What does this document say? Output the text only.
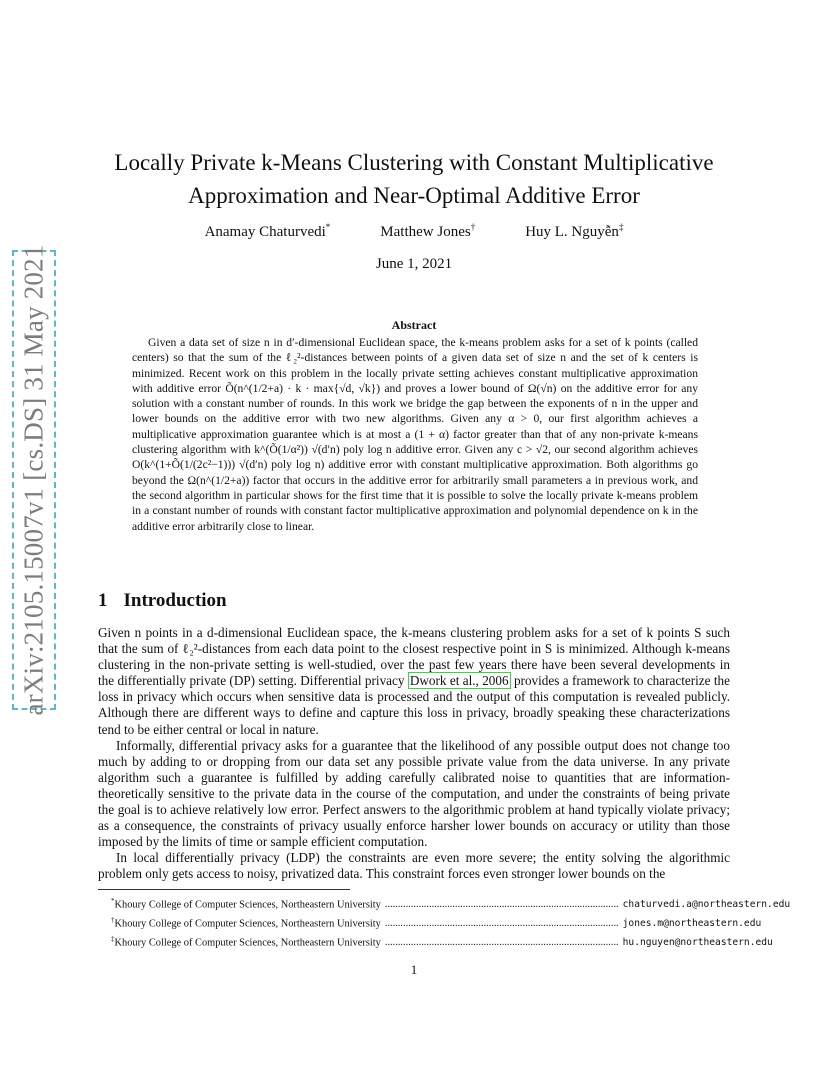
arXiv:2105.15007v1 [cs.DS] 31 May 2021
Locally Private k-Means Clustering with Constant Multiplicative Approximation and Near-Optimal Additive Error
Anamay Chaturvedi*	Matthew Jones†	Huy L. Nguyễn‡
June 1, 2021
Abstract
Given a data set of size n in d′-dimensional Euclidean space, the k-means problem asks for a set of k points (called centers) so that the sum of the ℓ₂²-distances between points of a given data set of size n and the set of k centers is minimized. Recent work on this problem in the locally private setting achieves constant multiplicative approximation with additive error Õ(n^(1/2+a) · k · max{√d, √k}) and proves a lower bound of Ω(√n) on the additive error for any solution with a constant number of rounds. In this work we bridge the gap between the exponents of n in the upper and lower bounds on the additive error with two new algorithms. Given any α > 0, our first algorithm achieves a multiplicative approximation guarantee which is at most a (1 + α) factor greater than that of any non-private k-means clustering algorithm with k^(Õ(1/α²)) √(d′n) poly log n additive error. Given any c > √2, our second algorithm achieves O(k^(1+Õ(1/(2c²−1))) √(d′n) poly log n) additive error with constant multiplicative approximation. Both algorithms go beyond the Ω(n^(1/2+a)) factor that occurs in the additive error for arbitrarily small parameters a in previous work, and the second algorithm in particular shows for the first time that it is possible to solve the locally private k-means problem in a constant number of rounds with constant factor multiplicative approximation and polynomial dependence on k in the additive error arbitrarily close to linear.
1 Introduction

Given n points in a d-dimensional Euclidean space, the k-means clustering problem asks for a set of k points S such that the sum of ℓ₂²-distances from each data point to the closest respective point in S is minimized. Although k-means clustering in the non-private setting is well-studied, over the past few years there have been several developments in the differentially private (DP) setting. Differential privacy Dwork et al., 2006 provides a framework to characterize the loss in privacy which occurs when sensitive data is processed and the output of this computation is revealed publicly. Although there are different ways to define and capture this loss in privacy, broadly speaking these characterizations tend to be either central or local in nature.

Informally, differential privacy asks for a guarantee that the likelihood of any possible output does not change too much by adding to or dropping from our data set any possible private value from the data universe. In any private algorithm such a guarantee is fulfilled by adding carefully calibrated noise to quantities that are information-theoretically sensitive to the private data in the course of the computation, and under the constraints of being private the goal is to achieve relatively low error. Perfect answers to the algorithmic problem at hand typically violate privacy; as a consequence, the constraints of privacy usually enforce harsher lower bounds on accuracy or utility than those imposed by the limits of time or sample efficient computation.

In local differentially privacy (LDP) the constraints are even more severe; the entity solving the algorithmic problem only gets access to noisy, privatized data. This constraint forces even stronger lower bounds on the

*Khoury College of Computer Sciences, Northeastern University .......................................................................................... chaturvedi.a@northeastern.edu
†Khoury College of Computer Sciences, Northeastern University .......................................................................................... jones.m@northeastern.edu
‡Khoury College of Computer Sciences, Northeastern University .......................................................................................... hu.nguyen@northeastern.edu
1
